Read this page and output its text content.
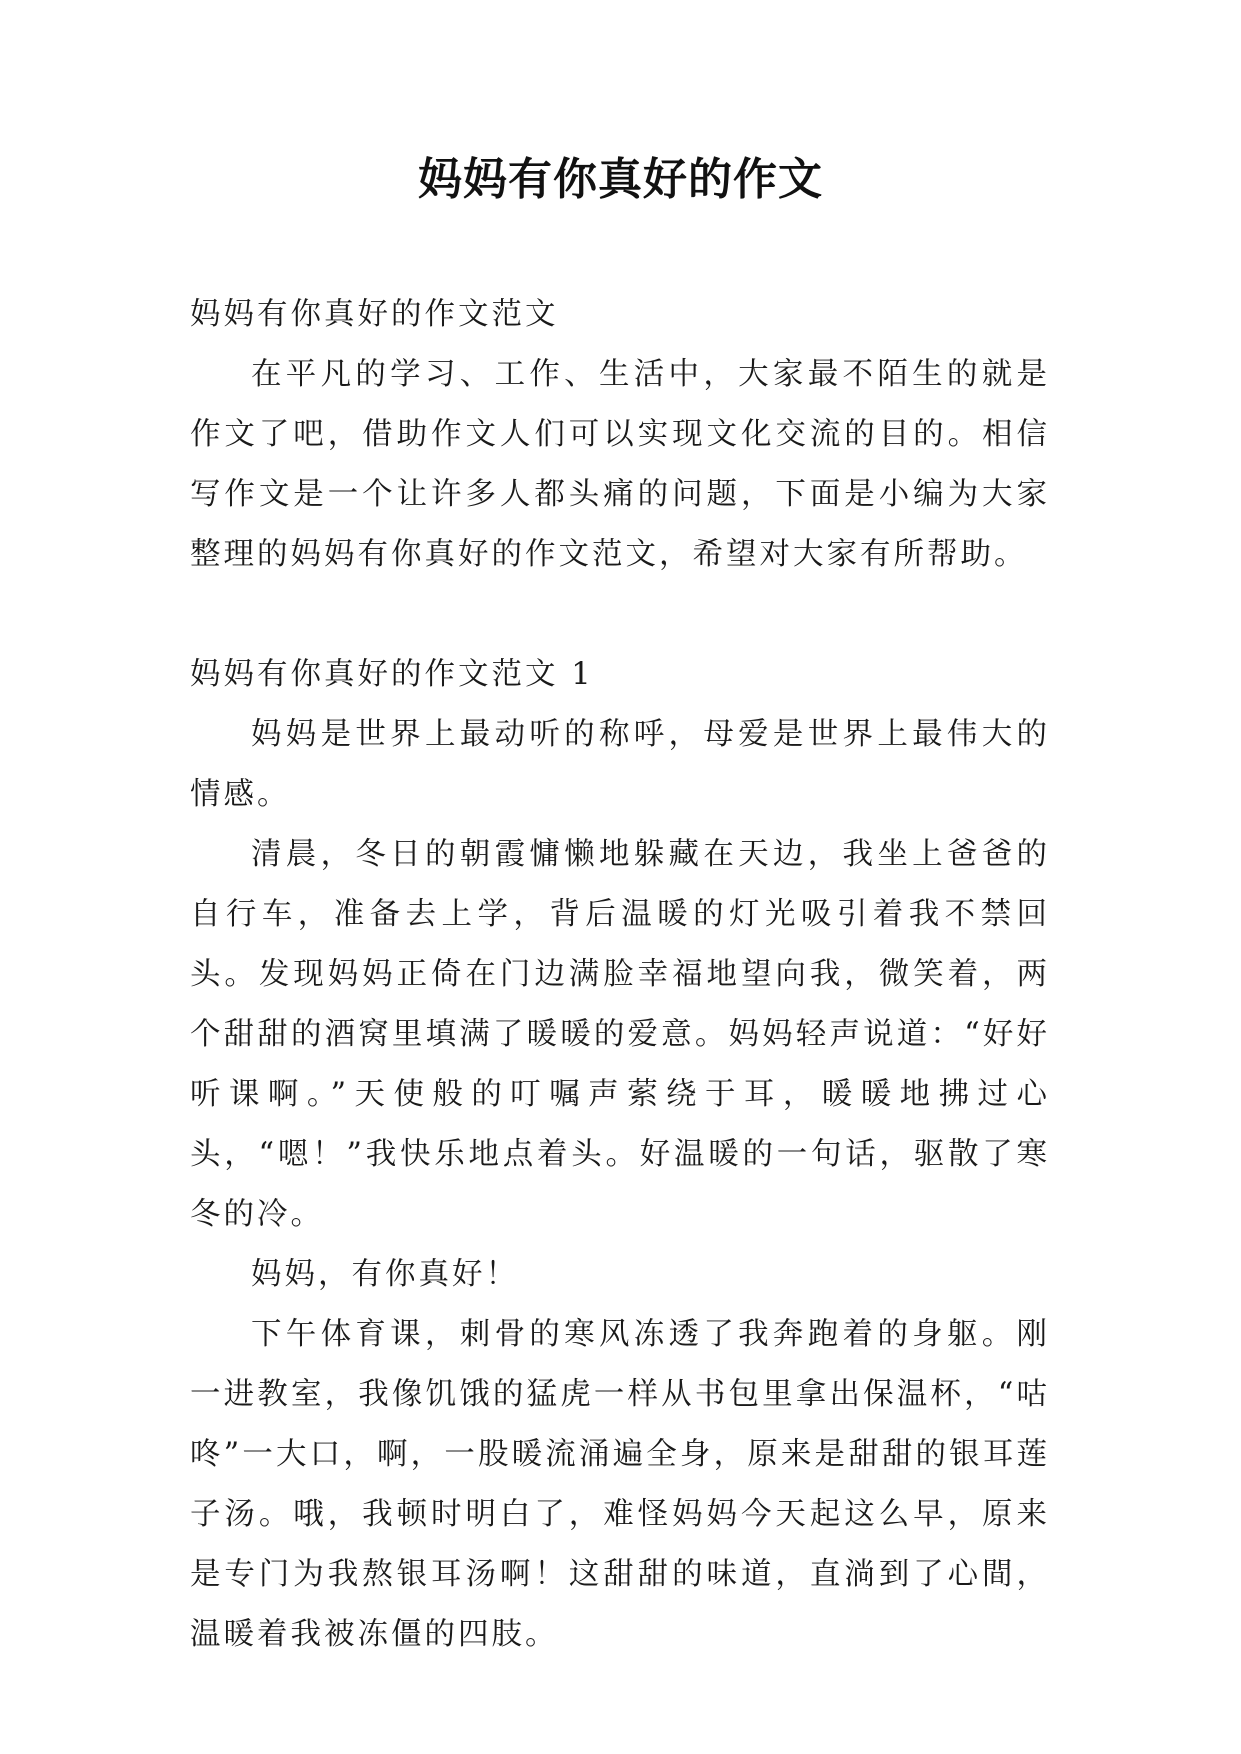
妈妈有你真好的作文

妈妈有你真好的作文范文

在平凡的学习、工作、生活中，大家最不陌生的就是作文了吧，借助作文人们可以实现文化交流的目的。相信写作文是一个让许多人都头痛的问题，下面是小编为大家整理的妈妈有你真好的作文范文，希望对大家有所帮助。

妈妈有你真好的作文范文 1

妈妈是世界上最动听的称呼，母爱是世界上最伟大的情感。

清晨，冬日的朝霞慵懒地躲藏在天边，我坐上爸爸的自行车，准备去上学，背后温暖的灯光吸引着我不禁回头。发现妈妈正倚在门边满脸幸福地望向我，微笑着，两个甜甜的酒窝里填满了暖暖的爱意。妈妈轻声说道：“好好听课啊。”天使般的叮嘱声萦绕于耳，暖暖地拂过心头，“嗯！”我快乐地点着头。好温暖的一句话，驱散了寒冬的冷。

妈妈，有你真好！

下午体育课，刺骨的寒风冻透了我奔跑着的身躯。刚一进教室，我像饥饿的猛虎一样从书包里拿出保温杯，“咕咚”一大口，啊，一股暖流涌遍全身，原来是甜甜的银耳莲子汤。哦，我顿时明白了，难怪妈妈今天起这么早，原来是专门为我熬银耳汤啊！这甜甜的味道，直淌到了心間，温暖着我被冻僵的四肢。
